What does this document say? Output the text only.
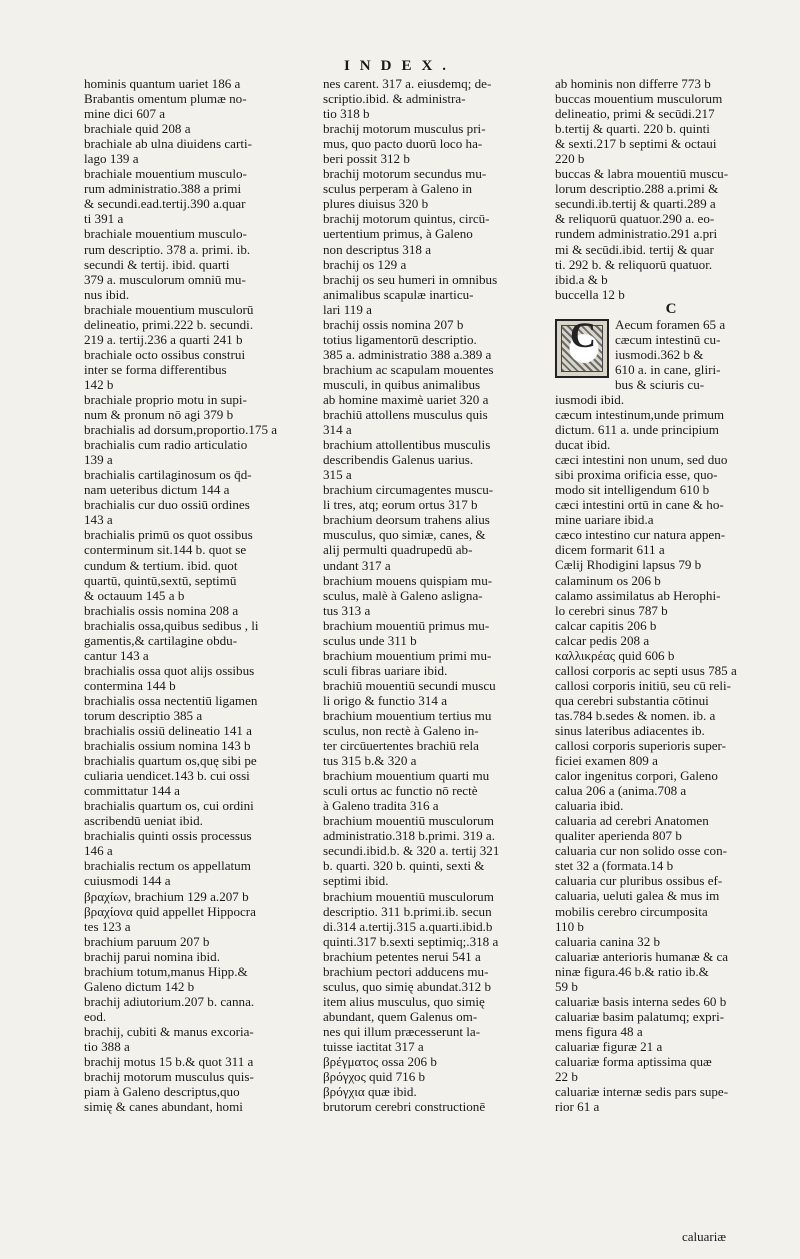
INDEX.
hominis quantum uariet 186 a
Brabantis omentum plumæ no-
mine dici 607 a
brachiale quid 208 a
brachiale ab ulna diuidens carti-
lago 139 a
brachiale mouentium musculo-
rum administratio.388 a primi
& secundi.ead.tertij.390 a.quar
ti 391 a
brachiale mouentium musculo-
rum descriptio. 378 a. primi. ib.
secundi & tertij. ibid. quarti
379 a. musculorum omniū mu-
nus ibid.
brachiale mouentium musculorū
delineatio, primi.222 b. secundi.
219 a. tertij.236 a quarti 241 b
brachiale octo ossibus construi
inter se forma differentibus
142 b
brachiale proprio motu in supi-
num & pronum nō agi 379 b
brachialis ad dorsum,proportio.175 a
brachialis cum radio articulatio
139 a
brachialis cartilaginosum os q̄d-
nam ueteribus dictum 144 a
brachialis cur duo ossiū ordines
143 a
brachialis primū os quot ossibus
conterminum sit.144 b. quot se
cundum & tertium. ibid. quot
quartū, quintū,sextū, septimū
& octauum 145 a b
brachialis ossis nomina 208 a
brachialis ossa,quibus sedibus , li
gamentis,& cartilagine obdu-
cantur 143 a
brachialis ossa quot alijs ossibus
contermina 144 b
brachialis ossa nectentiū ligamen
torum descriptio 385 a
brachialis ossiū delineatio 141 a
brachialis ossium nomina 143 b
brachialis quartum os,quę sibi pe
culiaria uendicet.143 b. cui ossi
committatur 144 a
brachialis quartum os, cui ordini
ascribendū ueniat ibid.
brachialis quinti ossis processus
146 a
brachialis rectum os appellatum
cuiusmodi 144 a
βραχίων, brachium 129 a.207 b
βραχίονα quid appellet Hippocra
tes 123 a
brachium paruum 207 b
brachij parui nomina ibid.
brachium totum,manus Hipp.&
Galeno dictum 142 b
brachij adiutorium.207 b. canna.
eod.
brachij, cubiti & manus excoria-
tio 388 a
brachij motus 15 b.& quot 311 a
brachij motorum musculus quis-
piam à Galeno descriptus,quo
simię & canes abundant, homi
nes carent. 317 a. eiusdemq; de-
scriptio.ibid. & administra-
tio 318 b
brachij motorum musculus pri-
mus, quo pacto duorū loco ha-
beri possit 312 b
brachij motorum secundus mu-
sculus perperam à Galeno in
plures diuisus 320 b
brachij motorum quintus, circū-
uertentium primus, à Galeno
non descriptus 318 a
brachij os 129 a
brachij os seu humeri in omnibus
animalibus scapulæ inarticu-
lari 119 a
brachij ossis nomina 207 b
totius ligamentorū descriptio.
385 a. administratio 388 a.389 a
brachium ac scapulam mouentes
musculi, in quibus animalibus
ab homine maximè uariet 320 a
brachiū attollens musculus quis
314 a
brachium attollentibus musculis
describendis Galenus uarius.
315 a
brachium circumagentes muscu-
li tres, atq; eorum ortus 317 b
brachium deorsum trahens alius
musculus, quo simiæ, canes, &
alij permulti quadrupedū ab-
undant 317 a
brachium mouens quispiam mu-
sculus, malè à Galeno asligna-
tus 313 a
brachium mouentiū primus mu-
sculus unde 311 b
brachium mouentium primi mu-
sculi fibras uariare ibid.
brachiū mouentiū secundi muscu
li origo & functio 314 a
brachium mouentium tertius mu
sculus, non rectè à Galeno in-
ter circūuertentes brachiū rela
tus 315 b.& 320 a
brachium mouentium quarti mu
sculi ortus ac functio nō rectè
à Galeno tradita 316 a
brachium mouentiū musculorum
administratio.318 b.primi. 319 a.
secundi.ibid.b. & 320 a. tertij 321
b. quarti. 320 b. quinti, sexti &
septimi ibid.
brachium mouentiū musculorum
descriptio. 311 b.primi.ib. secun
di.314 a.tertij.315 a.quarti.ibid.b
quinti.317 b.sexti septimiq;.318 a
brachium petentes nerui 541 a
brachium pectori adducens mu-
sculus, quo simię abundat.312 b
item alius musculus, quo simię
abundant, quem Galenus om-
nes qui illum præcesserunt la-
tuisse iactitat 317 a
βρέγματος ossa 206 b
βρόγχος quid 716 b
βρόγχια quæ ibid.
brutorum cerebri constructionē
ab hominis non differre 773 b
buccas mouentium musculorum
delineatio, primi & secūdi.217
b.tertij & quarti. 220 b. quinti
& sexti.217 b septimi & octaui
220 b
buccas & labra mouentiū muscu-
lorum descriptio.288 a.primi &
secundi.ib.tertij & quarti.289 a
& reliquorū quatuor.290 a. eo-
rundem administratio.291 a.pri
mi & secūdi.ibid. tertij & quar
ti. 292 b. & reliquorū quatuor.
ibid.a & b
buccella 12 b
C
C
Aecum foramen 65 a
cæcum intestinū cu-
iusmodi.362 b &
610 a. in cane, gliri-
bus & sciuris cu-
iusmodi ibid.
cæcum intestinum,unde primum
dictum. 611 a. unde principium
ducat ibid.
cæci intestini non unum, sed duo
sibi proxima orificia esse, quo-
modo sit intelligendum 610 b
cæci intestini ortū in cane & ho-
mine uariare ibid.a
cæco intestino cur natura appen-
dicem formarit 611 a
Cælij Rhodigini lapsus 79 b
calaminum os 206 b
calamo assimilatus ab Herophi-
lo cerebri sinus 787 b
calcar capitis 206 b
calcar pedis 208 a
καλλικρέας quid 606 b
callosi corporis ac septi usus 785 a
callosi corporis initiū, seu cū reli-
qua cerebri substantia cōtinui
tas.784 b.sedes & nomen. ib. a
sinus lateribus adiacentes ib.
callosi corporis superioris super-
ficiei examen 809 a
calor ingenitus corpori, Galeno
calua 206 a (anima.708 a
caluaria ibid.
caluaria ad cerebri Anatomen
qualiter aperienda 807 b
caluaria cur non solido osse con-
stet 32 a (formata.14 b
caluaria cur pluribus ossibus ef-
caluaria, ueluti galea & mus im
mobilis cerebro circumposita
110 b
caluaria canina 32 b
caluariæ anterioris humanæ & ca
ninæ figura.46 b.& ratio ib.&
59 b
caluariæ basis interna sedes 60 b
caluariæ basim palatumq; expri-
mens figura 48 a
caluariæ figuræ 21 a
caluariæ forma aptissima quæ
22 b
caluariæ internæ sedis pars supe-
rior 61 a
caluariæ
